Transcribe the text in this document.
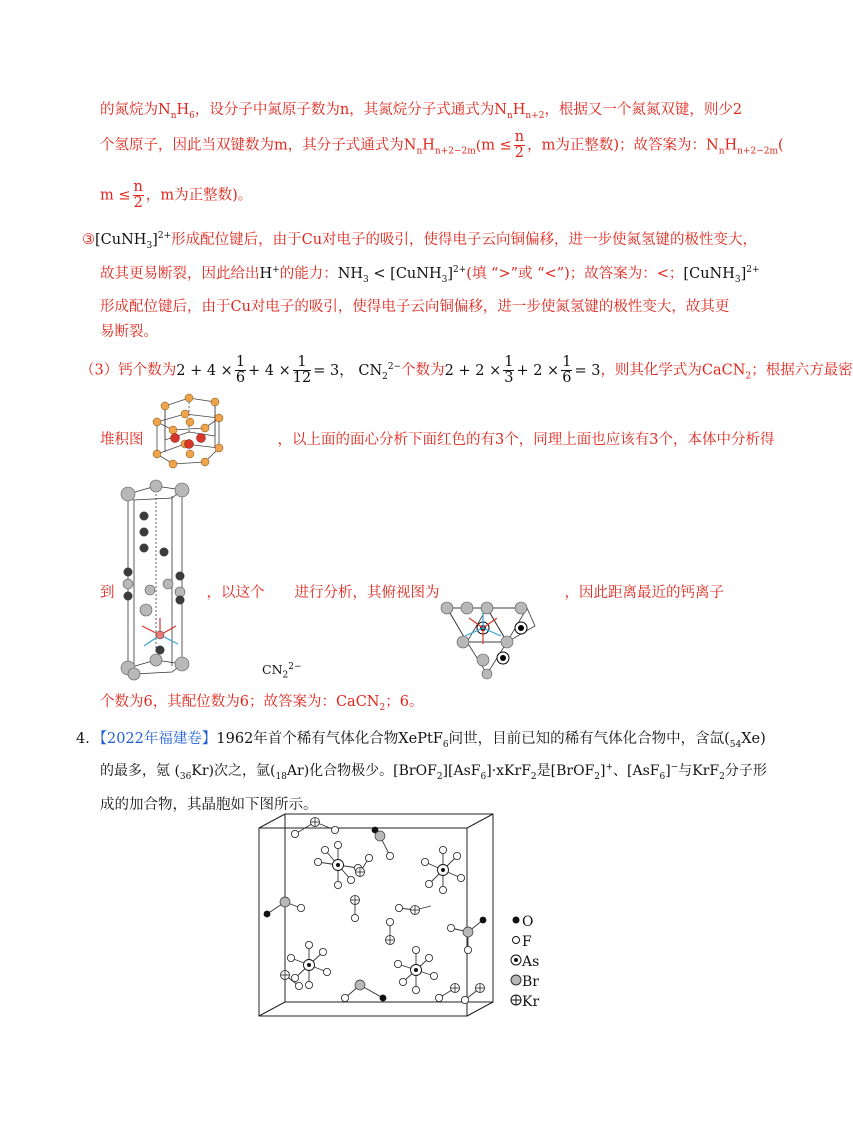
的氮烷为$N_nH_6$，设分子中氮原子数为n，其氮烷分子式通式为$N_nH_{n+2}$，根据又一个氮氮双键，则少2
个氢原子，因此当双键数为m，其分子式通式为$N_nH_{n+2-2m}(m \le \frac{n}{2}$ ，m为正整数)；故答案为：$N_nH_{n+2-2m}$(
$m \le \frac{n}{2}$ ，m为正整数)。
③[CuNH$_3$]$^{2+}$形成配位键后，由于Cu对电子的吸引，使得电子云向铜偏移，进一步使氮氢键的极性变大，
故其更易断裂，因此给出H+的能力：$NH_3$ < [CuNH$_3$]$^{2+}$(填 “>”或 “<”)；故答案为：<；[CuNH$_3$]$^{2+}$
形成配位键后，由于Cu对电子的吸引，使得电子云向铜偏移，进一步使氮氢键的极性变大，故其更
易断裂。
（3）钙个数为$2 + 4 \times \frac{1}{6} + 4 \times \frac{1}{12} = 3$， $CN_2^{2-}$个数为$2 + 2 \times \frac{1}{3} + 2 \times \frac{1}{6} = 3$，则其化学式为CaCN$_2$；根据六方最密
堆积图	，以上面的面心分析下面红色的有3个，同理上面也应该有3个，本体中分析得
到	，以这个 进行分析，其俯视图为	，因此距离最近的钙离子
$CN_2^{2-}$
个数为6，其配位数为6；故答案为：CaCN$_2$；6。
4．【2022年福建卷】1962年首个稀有气体化合物XePtF$_6$问世，目前已知的稀有气体化合物中，含氙$(_{54}Xe)$
的最多，氪 $(_{36}Kr)$次之，氩$(_{18}Ar)$化合物极少。[BrOF$_2$][AsF$_6$]·xKrF$_2$是[BrOF$_2$]+、[AsF$_6$]−与KrF$_2$分子形
成的加合物，其晶胞如下图所示。
O
F
As
Br
Kr
